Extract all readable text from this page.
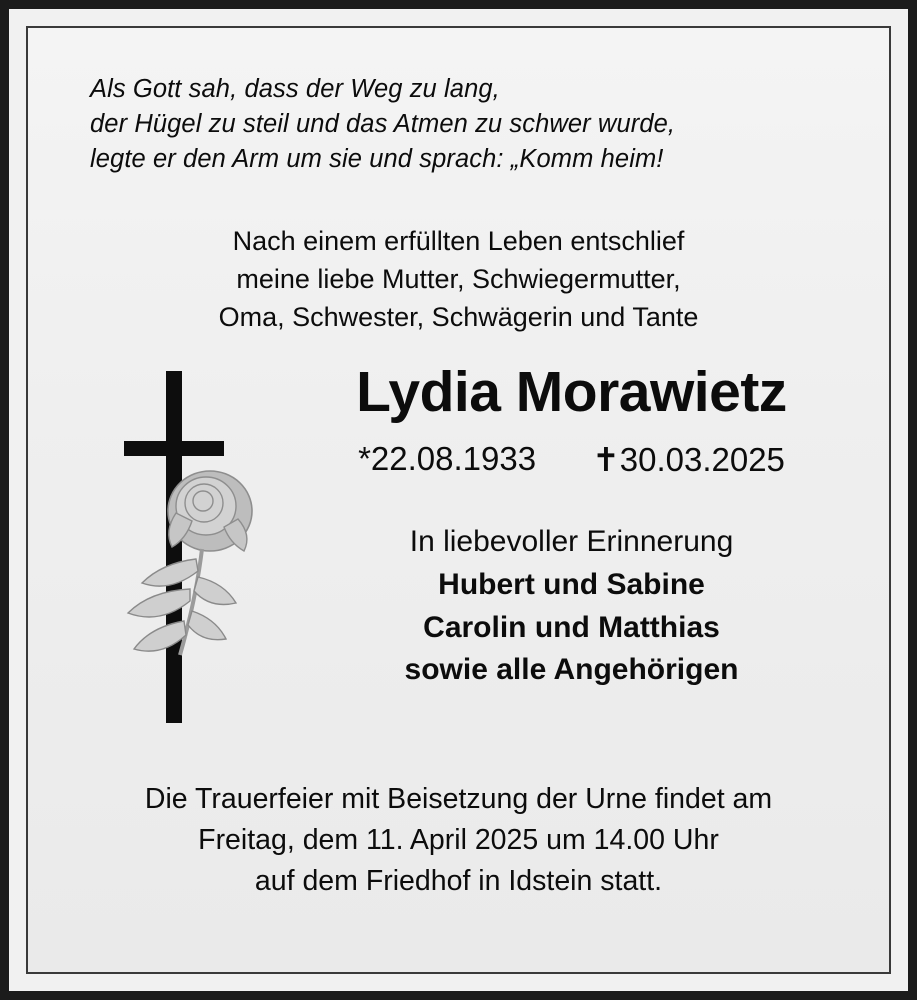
Als Gott sah, dass der Weg zu lang,
der Hügel zu steil und das Atmen zu schwer wurde,
legte er den Arm um sie und sprach: „Komm heim!
Nach einem erfüllten Leben entschlief
meine liebe Mutter, Schwiegermutter,
Oma, Schwester, Schwägerin und Tante
Lydia Morawietz
*22.08.1933 ✝30.03.2025
In liebevoller Erinnerung
Hubert und Sabine
Carolin und Matthias
sowie alle Angehörigen
Die Trauerfeier mit Beisetzung der Urne findet am
Freitag, dem 11. April 2025 um 14.00 Uhr
auf dem Friedhof in Idstein statt.
